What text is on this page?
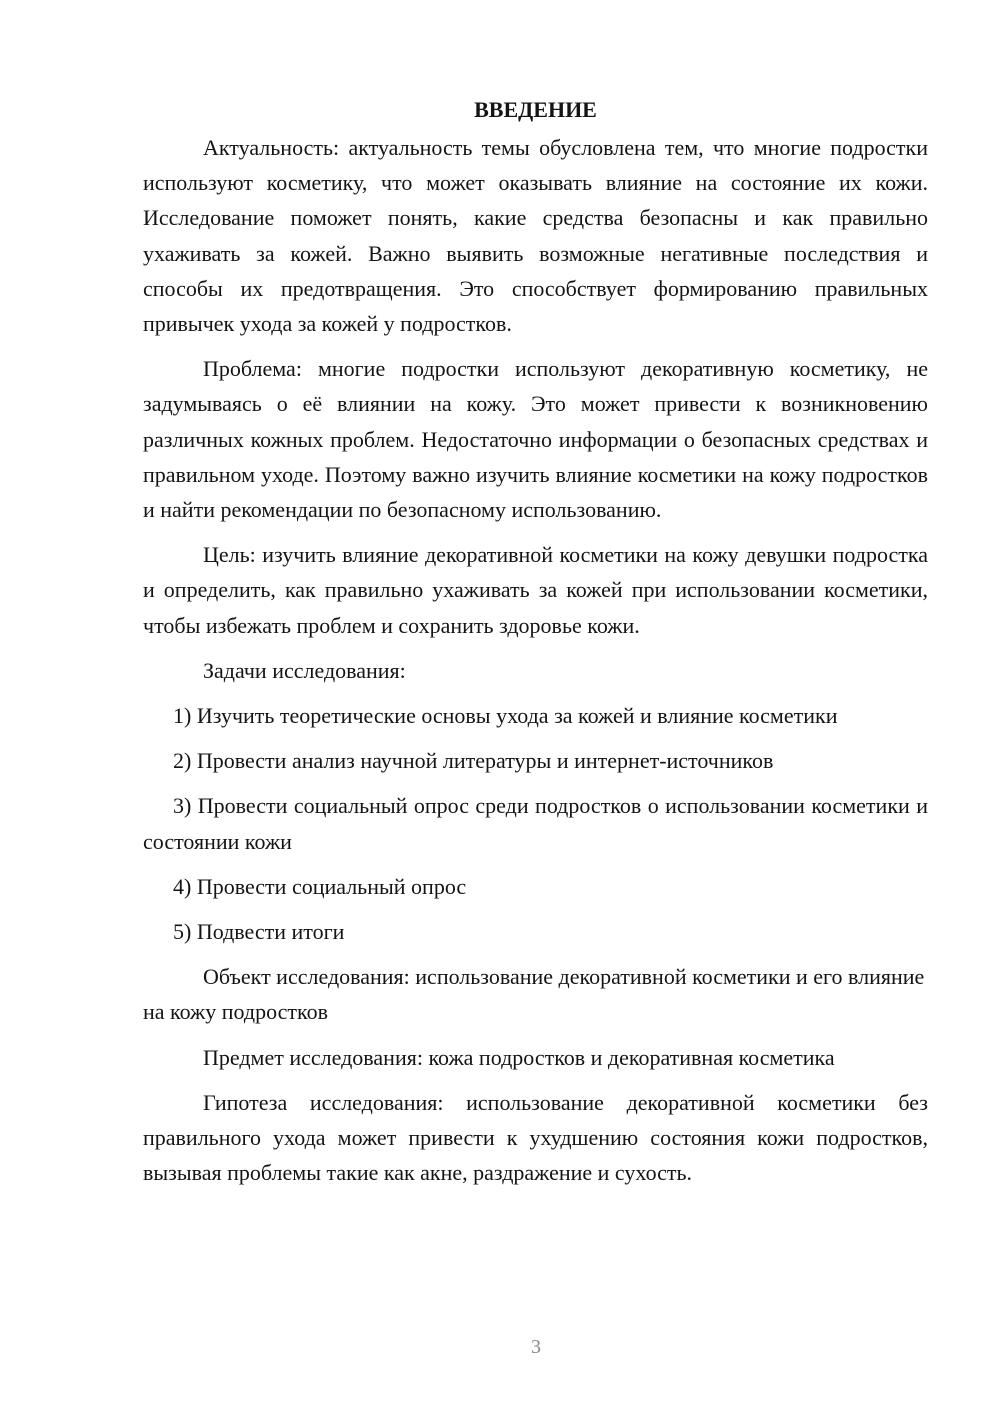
ВВЕДЕНИЕ

Актуальность: актуальность темы обусловлена тем, что многие подростки используют косметику, что может оказывать влияние на состояние их кожи. Исследование поможет понять, какие средства безопасны и как правильно ухаживать за кожей. Важно выявить возможные негативные последствия и способы их предотвращения. Это способствует формированию правильных привычек ухода за кожей у подростков.

Проблема: многие подростки используют декоративную косметику, не задумываясь о её влиянии на кожу. Это может привести к возникновению различных кожных проблем. Недостаточно информации о безопасных средствах и правильном уходе. Поэтому важно изучить влияние косметики на кожу подростков и найти рекомендации по безопасному использованию.

Цель: изучить влияние декоративной косметики на кожу девушки подростка и определить, как правильно ухаживать за кожей при использовании косметики, чтобы избежать проблем и сохранить здоровье кожи.

Задачи исследования:

1) Изучить теоретические основы ухода за кожей и влияние косметики

2) Провести анализ научной литературы и интернет-источников

3) Провести социальный опрос среди подростков о использовании косметики и состоянии кожи

4) Провести социальный опрос

5) Подвести итоги

Объект исследования: использование декоративной косметики и его влияние на кожу подростков

Предмет исследования: кожа подростков и декоративная косметика

Гипотеза исследования: использование декоративной косметики без правильного ухода может привести к ухудшению состояния кожи подростков, вызывая проблемы такие как акне, раздражение и сухость.

3
